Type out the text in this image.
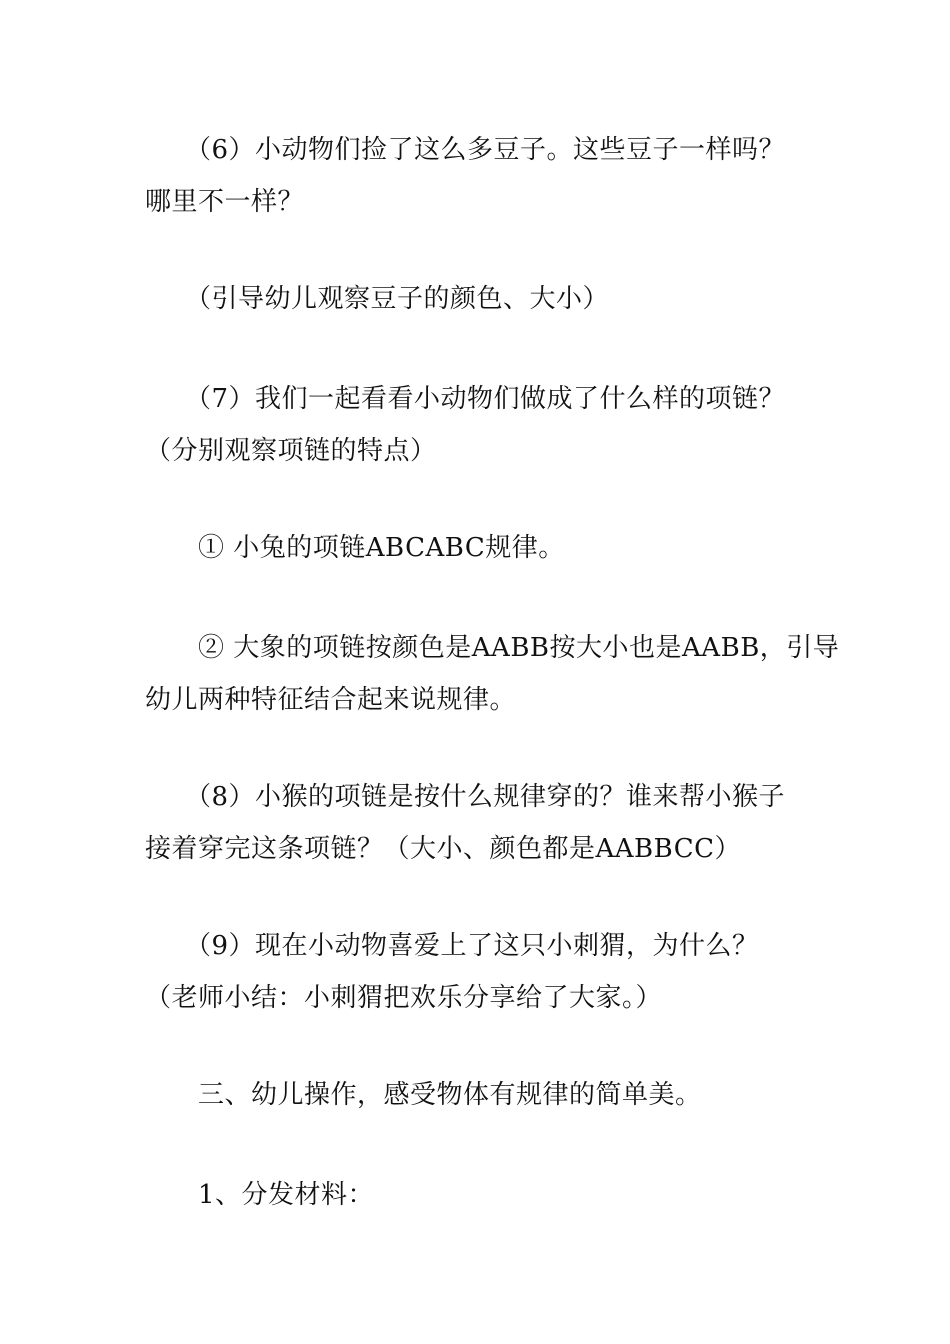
　　（6）小动物们捡了这么多豆子。这些豆子一样吗？
哪里不一样？
　　（引导幼儿观察豆子的颜色、大小）
　　（7）我们一起看看小动物们做成了什么样的项链？
（分别观察项链的特点）
　　① 小兔的项链ABCABC规律。
　　② 大象的项链按颜色是AABB按大小也是AABB，引导
幼儿两种特征结合起来说规律。
　　（8）小猴的项链是按什么规律穿的？谁来帮小猴子
接着穿完这条项链？（大小、颜色都是AABBCC）
　　（9）现在小动物喜爱上了这只小刺猬，为什么？
（老师小结：小刺猬把欢乐分享给了大家。）
　　三、幼儿操作，感受物体有规律的简单美。
　　1、分发材料：
